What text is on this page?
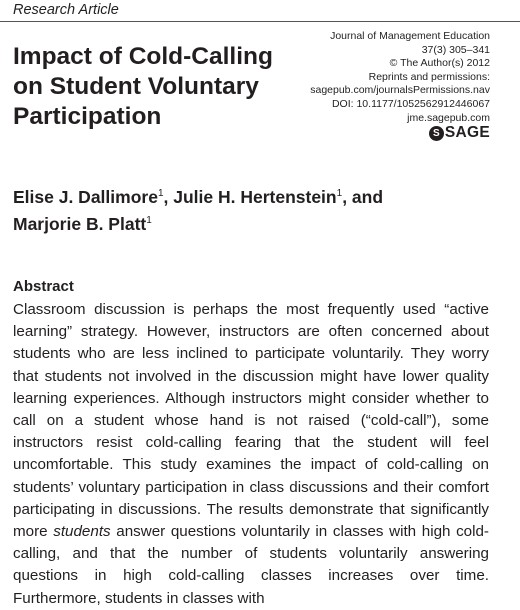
Research Article
Impact of Cold-Calling
on Student Voluntary
Participation
Journal of Management Education
37(3) 305–341
© The Author(s) 2012
Reprints and permissions:
sagepub.com/journalsPermissions.nav
DOI: 10.1177/1052562912446067
jme.sagepub.com
S SAGE
Elise J. Dallimore$^1$, Julie H. Hertenstein$^1$, and
Marjorie B. Platt$^1$
Abstract
Classroom discussion is perhaps the most frequently used “active learning” strategy. However, instructors are often concerned about students who are less inclined to participate voluntarily. They worry that students not involved in the discussion might have lower quality learning experiences. Although instructors might consider whether to call on a student whose hand is not raised (“cold-call”), some instructors resist cold-calling fearing that the student will feel uncomfortable. This study examines the impact of cold-calling on students’ voluntary participation in class discussions and their comfort participating in discussions. The results demonstrate that significantly more students answer questions voluntarily in classes with high cold-calling, and that the number of students voluntarily answering questions in high cold-calling classes increases over time. Furthermore, students in classes with
